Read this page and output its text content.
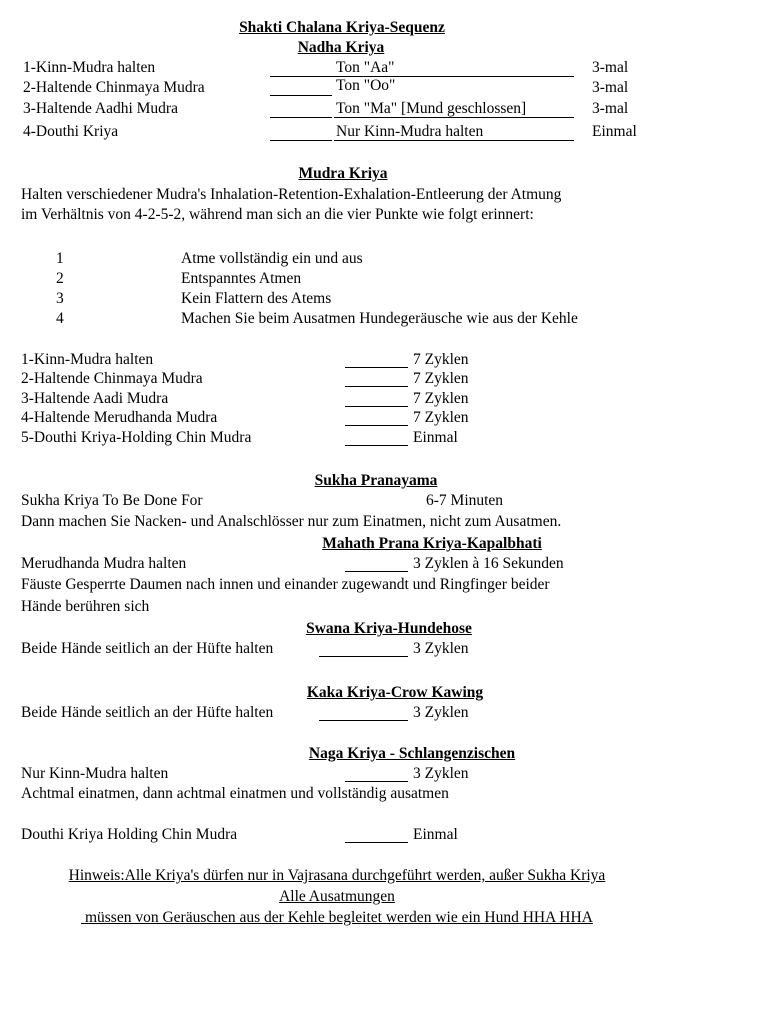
Shakti Chalana Kriya-Sequenz
Nadha Kriya
1-Kinn-Mudra halten	Ton "Aa"	3-mal
2-Haltende Chinmaya Mudra	Ton "Oo"	3-mal
3-Haltende Aadhi Mudra	Ton "Ma" [Mund geschlossen]	3-mal
4-Douthi Kriya	Nur Kinn-Mudra halten	Einmal
Mudra Kriya
Halten verschiedener Mudra's Inhalation-Retention-Exhalation-Entleerung der Atmung
im Verhältnis von 4-2-5-2, während man sich an die vier Punkte wie folgt erinnert:
1	Atme vollständig ein und aus
2	Entspanntes Atmen
3	Kein Flattern des Atems
4	Machen Sie beim Ausatmen Hundegeräusche wie aus der Kehle
1-Kinn-Mudra halten	7 Zyklen
2-Haltende Chinmaya Mudra	7 Zyklen
3-Haltende Aadi Mudra	7 Zyklen
4-Haltende Merudhanda Mudra	7 Zyklen
5-Douthi Kriya-Holding Chin Mudra	Einmal
Sukha Pranayama
Sukha Kriya To Be Done For	6-7 Minuten
Dann machen Sie Nacken- und Analschlösser nur zum Einatmen, nicht zum Ausatmen.
Mahath Prana Kriya-Kapalbhati
Merudhanda Mudra halten	3 Zyklen à 16 Sekunden
Fäuste Gesperrte Daumen nach innen und einander zugewandt und Ringfinger beider
Hände berühren sich
Swana Kriya-Hundehose
Beide Hände seitlich an der Hüfte halten	3 Zyklen
Kaka Kriya-Crow Kawing
Beide Hände seitlich an der Hüfte halten	3 Zyklen
Naga Kriya - Schlangenzischen
Nur Kinn-Mudra halten	3 Zyklen
Achtmal einatmen, dann achtmal einatmen und vollständig ausatmen
Douthi Kriya Holding Chin Mudra	Einmal
Hinweis:Alle Kriya's dürfen nur in Vajrasana durchgeführt werden, außer Sukha Kriya
Alle Ausatmungen
müssen von Geräuschen aus der Kehle begleitet werden wie ein Hund HHA HHA
